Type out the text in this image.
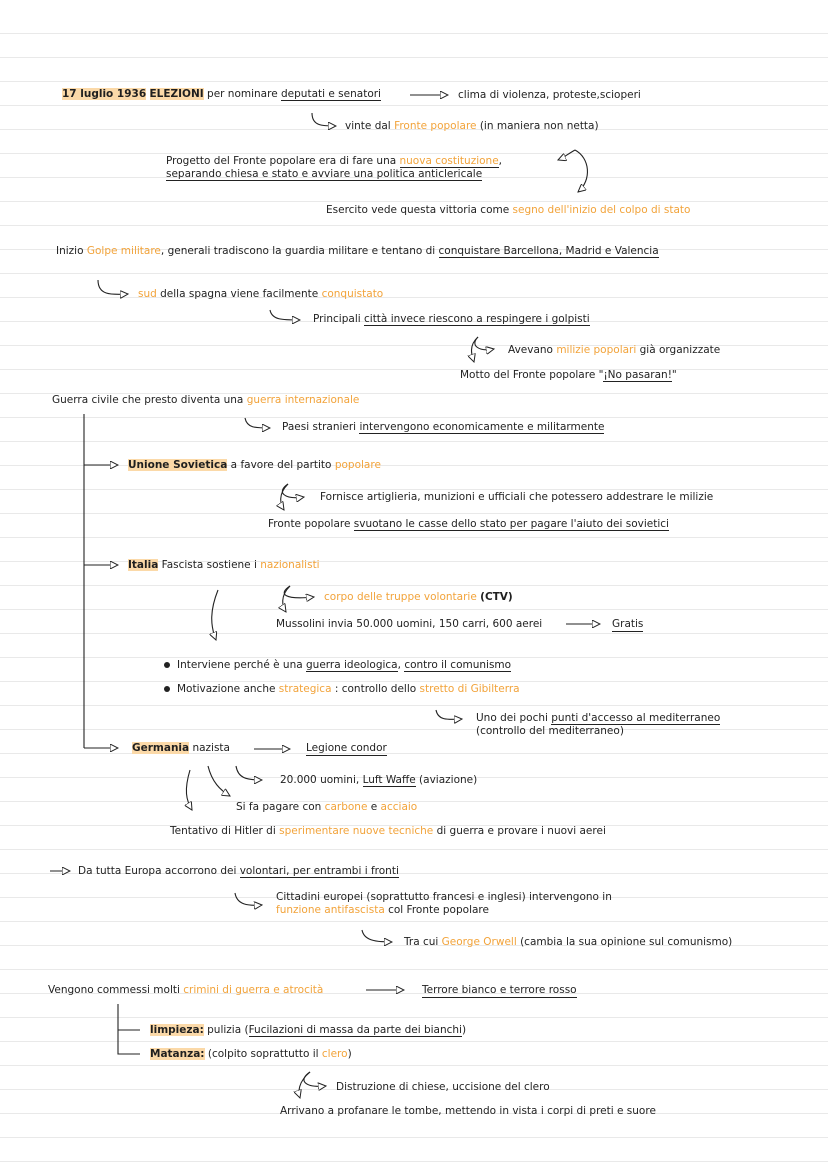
17 luglio 1936 ELEZIONI per nominare deputati e senatori	clima di violenza, proteste,scioperi
vinte dal Fronte popolare (in maniera non netta)
Progetto del Fronte popolare era di fare una nuova costituzione,
separando chiesa e stato e avviare una politica anticlericale
Esercito vede questa vittoria come segno dell'inizio del colpo di stato
Inizio Golpe militare, generali tradiscono la guardia militare e tentano di conquistare Barcellona, Madrid e Valencia
sud della spagna viene facilmente conquistato
Principali città invece riescono a respingere i golpisti
Avevano milizie popolari già organizzate
Motto del Fronte popolare "¡No pasaran!"
Guerra civile che presto diventa una guerra internazionale
Paesi stranieri intervengono economicamente e militarmente
Unione Sovietica a favore del partito popolare
Fornisce artiglieria, munizioni e ufficiali che potessero addestrare le milizie
Fronte popolare svuotano le casse dello stato per pagare l'aiuto dei sovietici
Italia Fascista sostiene i nazionalisti
corpo delle truppe volontarie (CTV)
Mussolini invia 50.000 uomini, 150 carri, 600 aerei	Gratis
Interviene perché è una guerra ideologica, contro il comunismo
Motivazione anche strategica : controllo dello stretto di Gibilterra
Uno dei pochi punti d'accesso al mediterraneo
(controllo del mediterraneo)
Germania nazista	Legione condor
20.000 uomini, Luft Waffe (aviazione)
Si fa pagare con carbone e acciaio
Tentativo di Hitler di sperimentare nuove tecniche di guerra e provare i nuovi aerei
Da tutta Europa accorrono dei volontari, per entrambi i fronti
Cittadini europei (soprattutto francesi e inglesi) intervengono in
funzione antifascista col Fronte popolare
Tra cui George Orwell (cambia la sua opinione sul comunismo)
Vengono commessi molti crimini di guerra e atrocità	Terrore bianco e terrore rosso
limpieza: pulizia (Fucilazioni di massa da parte dei bianchi)
Matanza: (colpito soprattutto il clero)
Distruzione di chiese, uccisione del clero
Arrivano a profanare le tombe, mettendo in vista i corpi di preti e suore
